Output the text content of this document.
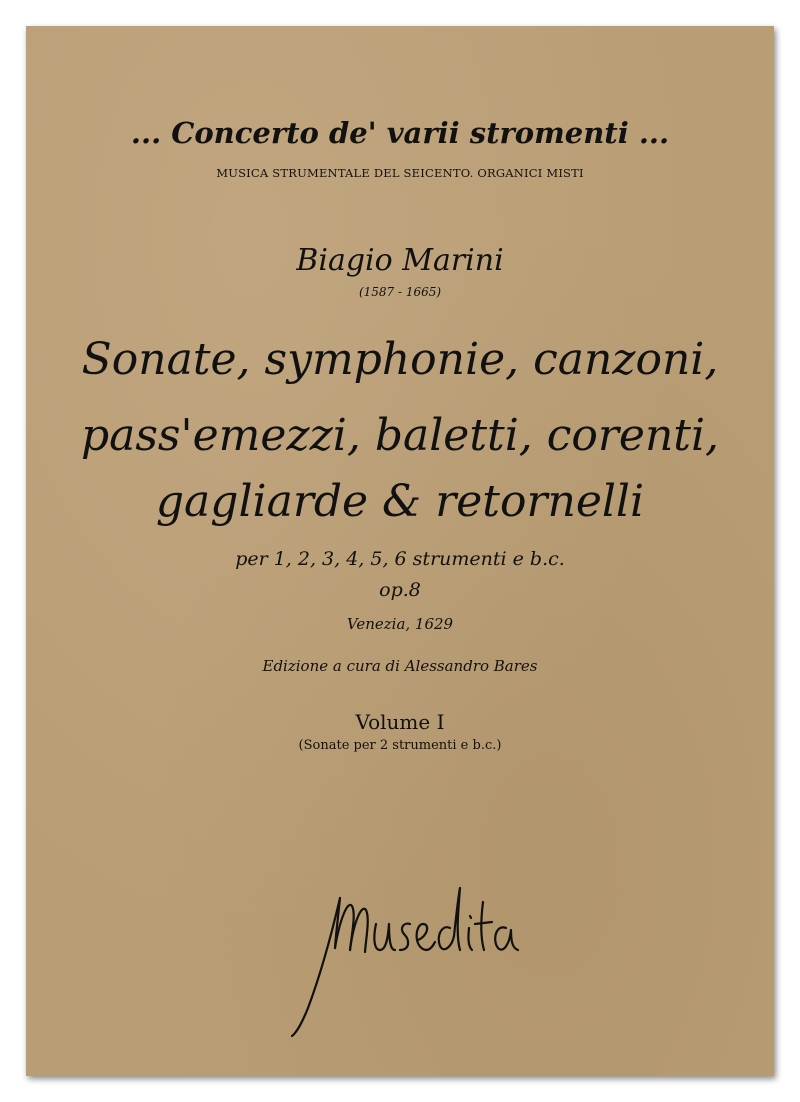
... Concerto de' varii stromenti ...
MUSICA STRUMENTALE DEL SEICENTO. ORGANICI MISTI
Biagio Marini
(1587 - 1665)
Sonate, symphonie, canzoni,
pass'emezzi, baletti, corenti,
gagliarde & retornelli
per 1, 2, 3, 4, 5, 6 strumenti e b.c.
op.8
Venezia, 1629
Edizione a cura di Alessandro Bares
Volume I
(Sonate per 2 strumenti e b.c.)
